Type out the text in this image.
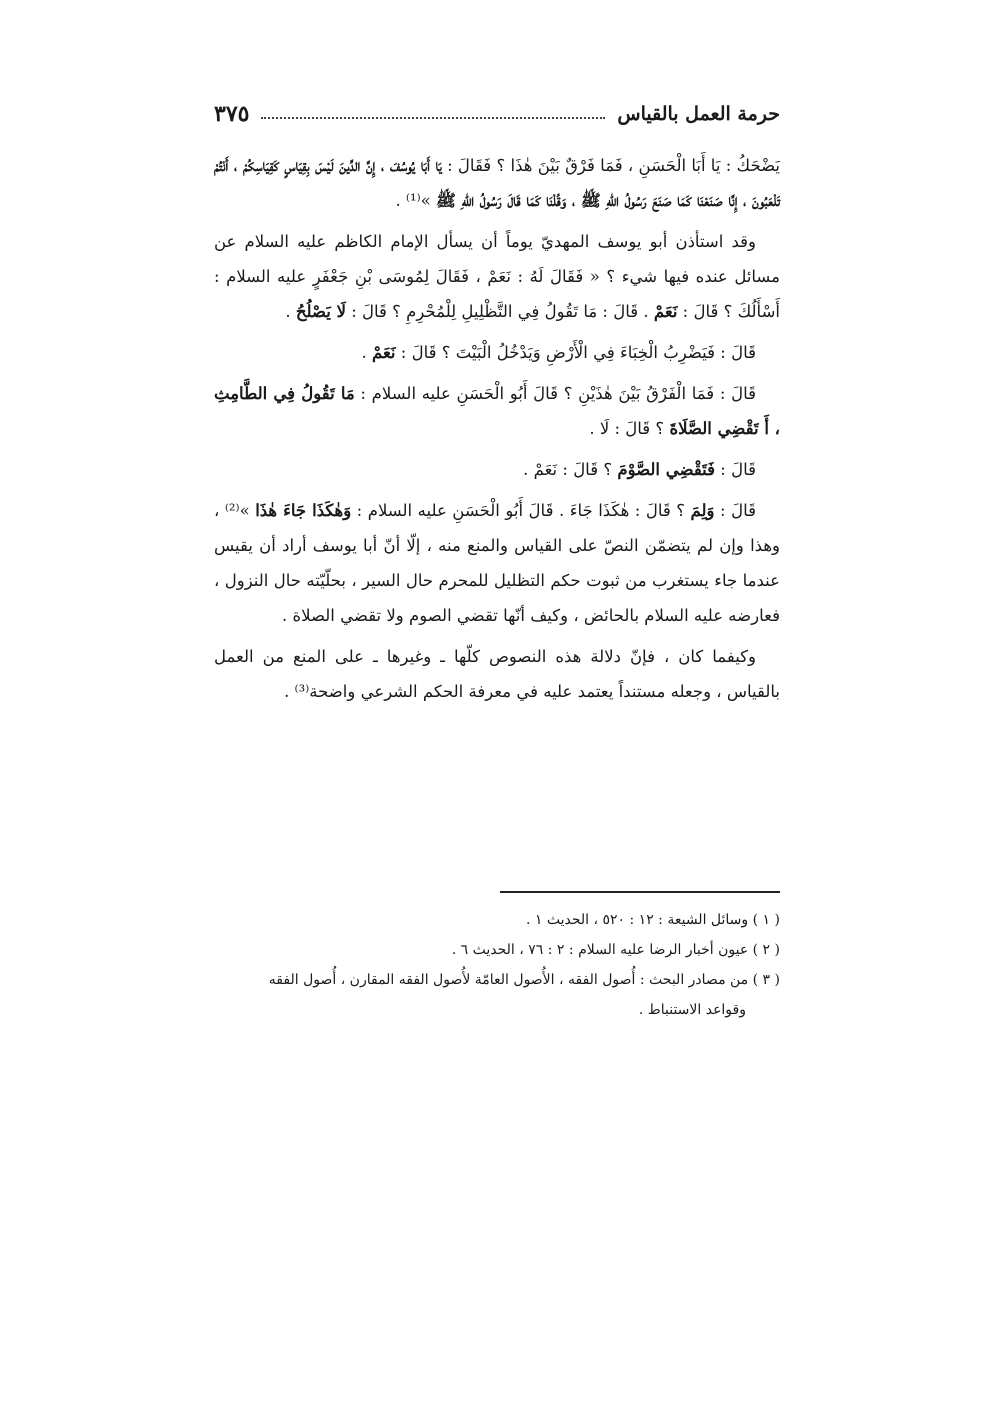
حرمة العمل بالقياس
٣٧٥

يَضْحَكُ : يَا أَبَا الْحَسَنِ ، فَمَا فَرْقٌ بَيْنَ هٰذَا ؟ فَقَالَ : يَا أَبَا يُوسُفَ ، إِنَّ الدِّينَ لَيْسَ بِقِيَاسٍ كَقِيَاسِكُمْ ، أَنْتُمْ تَلْعَبُونَ ، إِنَّا صَنَعْنَا كَمَا صَنَعَ رَسُولُ اللهِ ﷺ ، وَقُلْنَا كَمَا قَالَ رَسُولُ اللهِ ﷺ »⁽¹⁾ .

وقد استأذن أبو يوسف المهديّ يوماً أن يسأل الإمام الكاظم عليه السلام عن مسائل عنده فيها شيء ؟ « فَقَالَ لَهُ : نَعَمْ ، فَقَالَ لِمُوسَى بْنِ جَعْفَرٍ عليه السلام : أَسْأَلُكَ ؟ قَالَ : نَعَمْ . قَالَ : مَا تَقُولُ فِي التَّظْلِيلِ لِلْمُحْرِمِ ؟ قَالَ : لَا يَصْلُحُ .

قَالَ : فَيَضْرِبُ الْخِبَاءَ فِي الْأَرْضِ وَيَدْخُلُ الْبَيْتَ ؟ قَالَ : نَعَمْ .

قَالَ : فَمَا الْفَرْقُ بَيْنَ هٰذَيْنِ ؟ قَالَ أَبُو الْحَسَنِ عليه السلام : مَا تَقُولُ فِي الطَّامِثِ ، أَ تَقْضِي الصَّلَاةَ ؟ قَالَ : لَا .

قَالَ : فَتَقْضِي الصَّوْمَ ؟ قَالَ : نَعَمْ .

قَالَ : وَلِمَ ؟ قَالَ : هٰكَذَا جَاءَ . قَالَ أَبُو الْحَسَنِ عليه السلام : وَهٰكَذَا جَاءَ هٰذَا »⁽²⁾ ، وهذا وإن لم يتضمّن النصّ على القياس والمنع منه ، إلّا أنّ أبا يوسف أراد أن يقيس عندما جاء يستغرب من ثبوت حكم التظليل للمحرم حال السير ، بحلّيّته حال النزول ، فعارضه عليه السلام بالحائض ، وكيف أنّها تقضي الصوم ولا تقضي الصلاة .

وكيفما كان ، فإنّ دلالة هذه النصوص كلّها ـ وغيرها ـ على المنع من العمل بالقياس ، وجعله مستنداً يعتمد عليه في معرفة الحكم الشرعي واضحة⁽³⁾ .

( ١ ) وسائل الشيعة : ١٢ : ٥٢٠ ، الحديث ١ .

( ٢ ) عيون أخبار الرضا عليه السلام : ٢ : ٧٦ ، الحديث ٦ .

( ٣ ) من مصادر البحث : أُصول الفقه ، الأُصول العامّة لأُصول الفقه المقارن ، أُصول الفقه

وقواعد الاستنباط .
